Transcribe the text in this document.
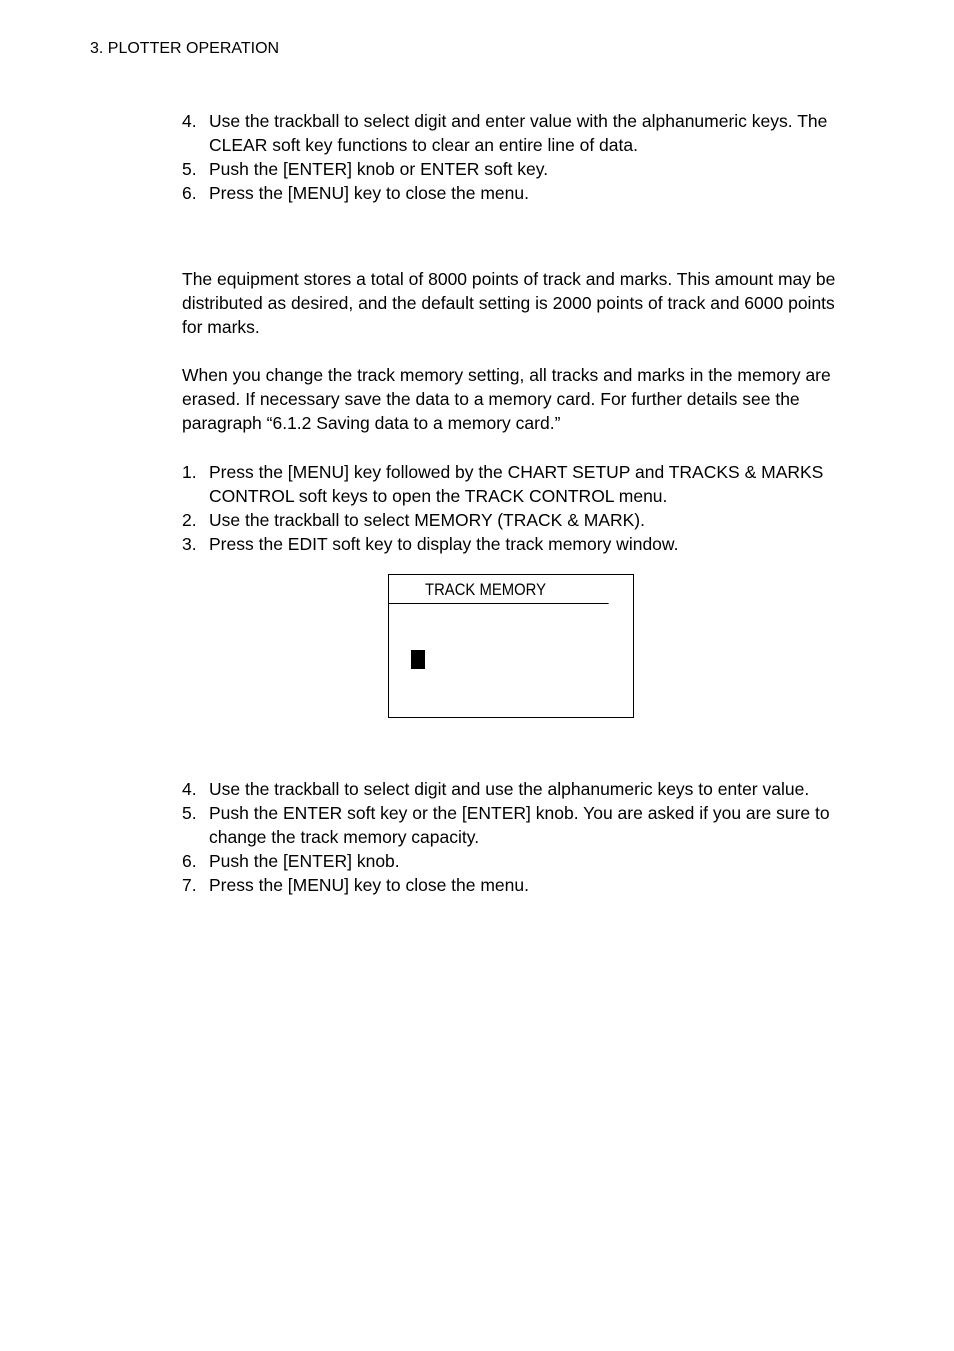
3. PLOTTER OPERATION
4. Use the trackball to select digit and enter value with the alphanumeric keys. The CLEAR soft key functions to clear an entire line of data.
5. Push the [ENTER] knob or ENTER soft key.
6. Press the [MENU] key to close the menu.

The equipment stores a total of 8000 points of track and marks. This amount may be distributed as desired, and the default setting is 2000 points of track and 6000 points for marks.

When you change the track memory setting, all tracks and marks in the memory are erased. If necessary save the data to a memory card. For further details see the paragraph “6.1.2 Saving data to a memory card.”

1. Press the [MENU] key followed by the CHART SETUP and TRACKS & MARKS CONTROL soft keys to open the TRACK CONTROL menu.
2. Use the trackball to select MEMORY (TRACK & MARK).
3. Press the EDIT soft key to display the track memory window.
TRACK MEMORY
4. Use the trackball to select digit and use the alphanumeric keys to enter value.
5. Push the ENTER soft key or the [ENTER] knob. You are asked if you are sure to change the track memory capacity.
6. Push the [ENTER] knob.
7. Press the [MENU] key to close the menu.
